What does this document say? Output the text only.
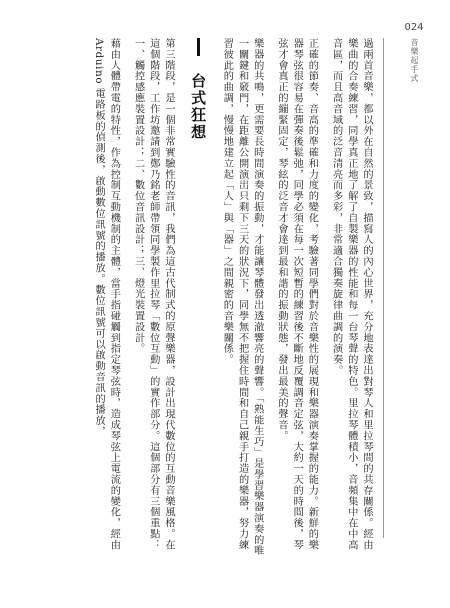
024
音樂起手式

過兩首音樂，都以外在自然的景致，描寫人的內心世界，充分地表達出對琴人和里拉琴間的共存關係。經由樂曲的合奏練習，同學真正地了解了自製樂器的性能和每一台琴聲的特色。里拉琴體積小，音頻集中在中高音區，而且高音域的泛音清亮而多彩，非常適合獨奏旋律曲調的演奏。

正確的節奏、音高的準確和力度的變化，考驗著同學們對於音樂性的展現和樂器演奏掌握的能力。新鮮的樂器琴弦很容易在彈奏後鬆弛，同學必須在每一次短暫的練習後不斷地反覆調音定弦，大約一天的時間後，琴弦才會真正的繃緊固定，琴絃的泛音才會達到最和諧的振動狀態，發出最美的聲音。

樂器的共鳴，更需要長時間演奏的振動，才能讓琴體發出透澈響亮的聲響。「熟能生巧」是學習樂器演奏的唯一關鍵和竅門，在距離公開演出只剩下三天的狀況下，同學無不把握住時間和自己親手打造的樂器，努力練習彼此的曲調，慢慢地建立起「人」與「器」之間親密的音樂關係。

台式狂想

第三階段，是一個非常實驗性的音訊，我們為這古代制式的原聲樂器，設計出現代數位的互動音樂風格。在這個階段，工作坊邀請到鄭乃銘老師帶領同學製作里拉琴「數位互動」的實作部分。這個部分有三個重點：一、觸控感應裝置設計；二、數位音訊設計；三、燈光裝置設計。

藉由人體帶電的特性，作為控制互動機制的主體，當手指碰觸到指定琴弦時，造成琴弦上電流的變化，經由 Arduino 電路板的偵測後，啟動數位訊號的播放。數位訊號可以啟動音訊的播放，
